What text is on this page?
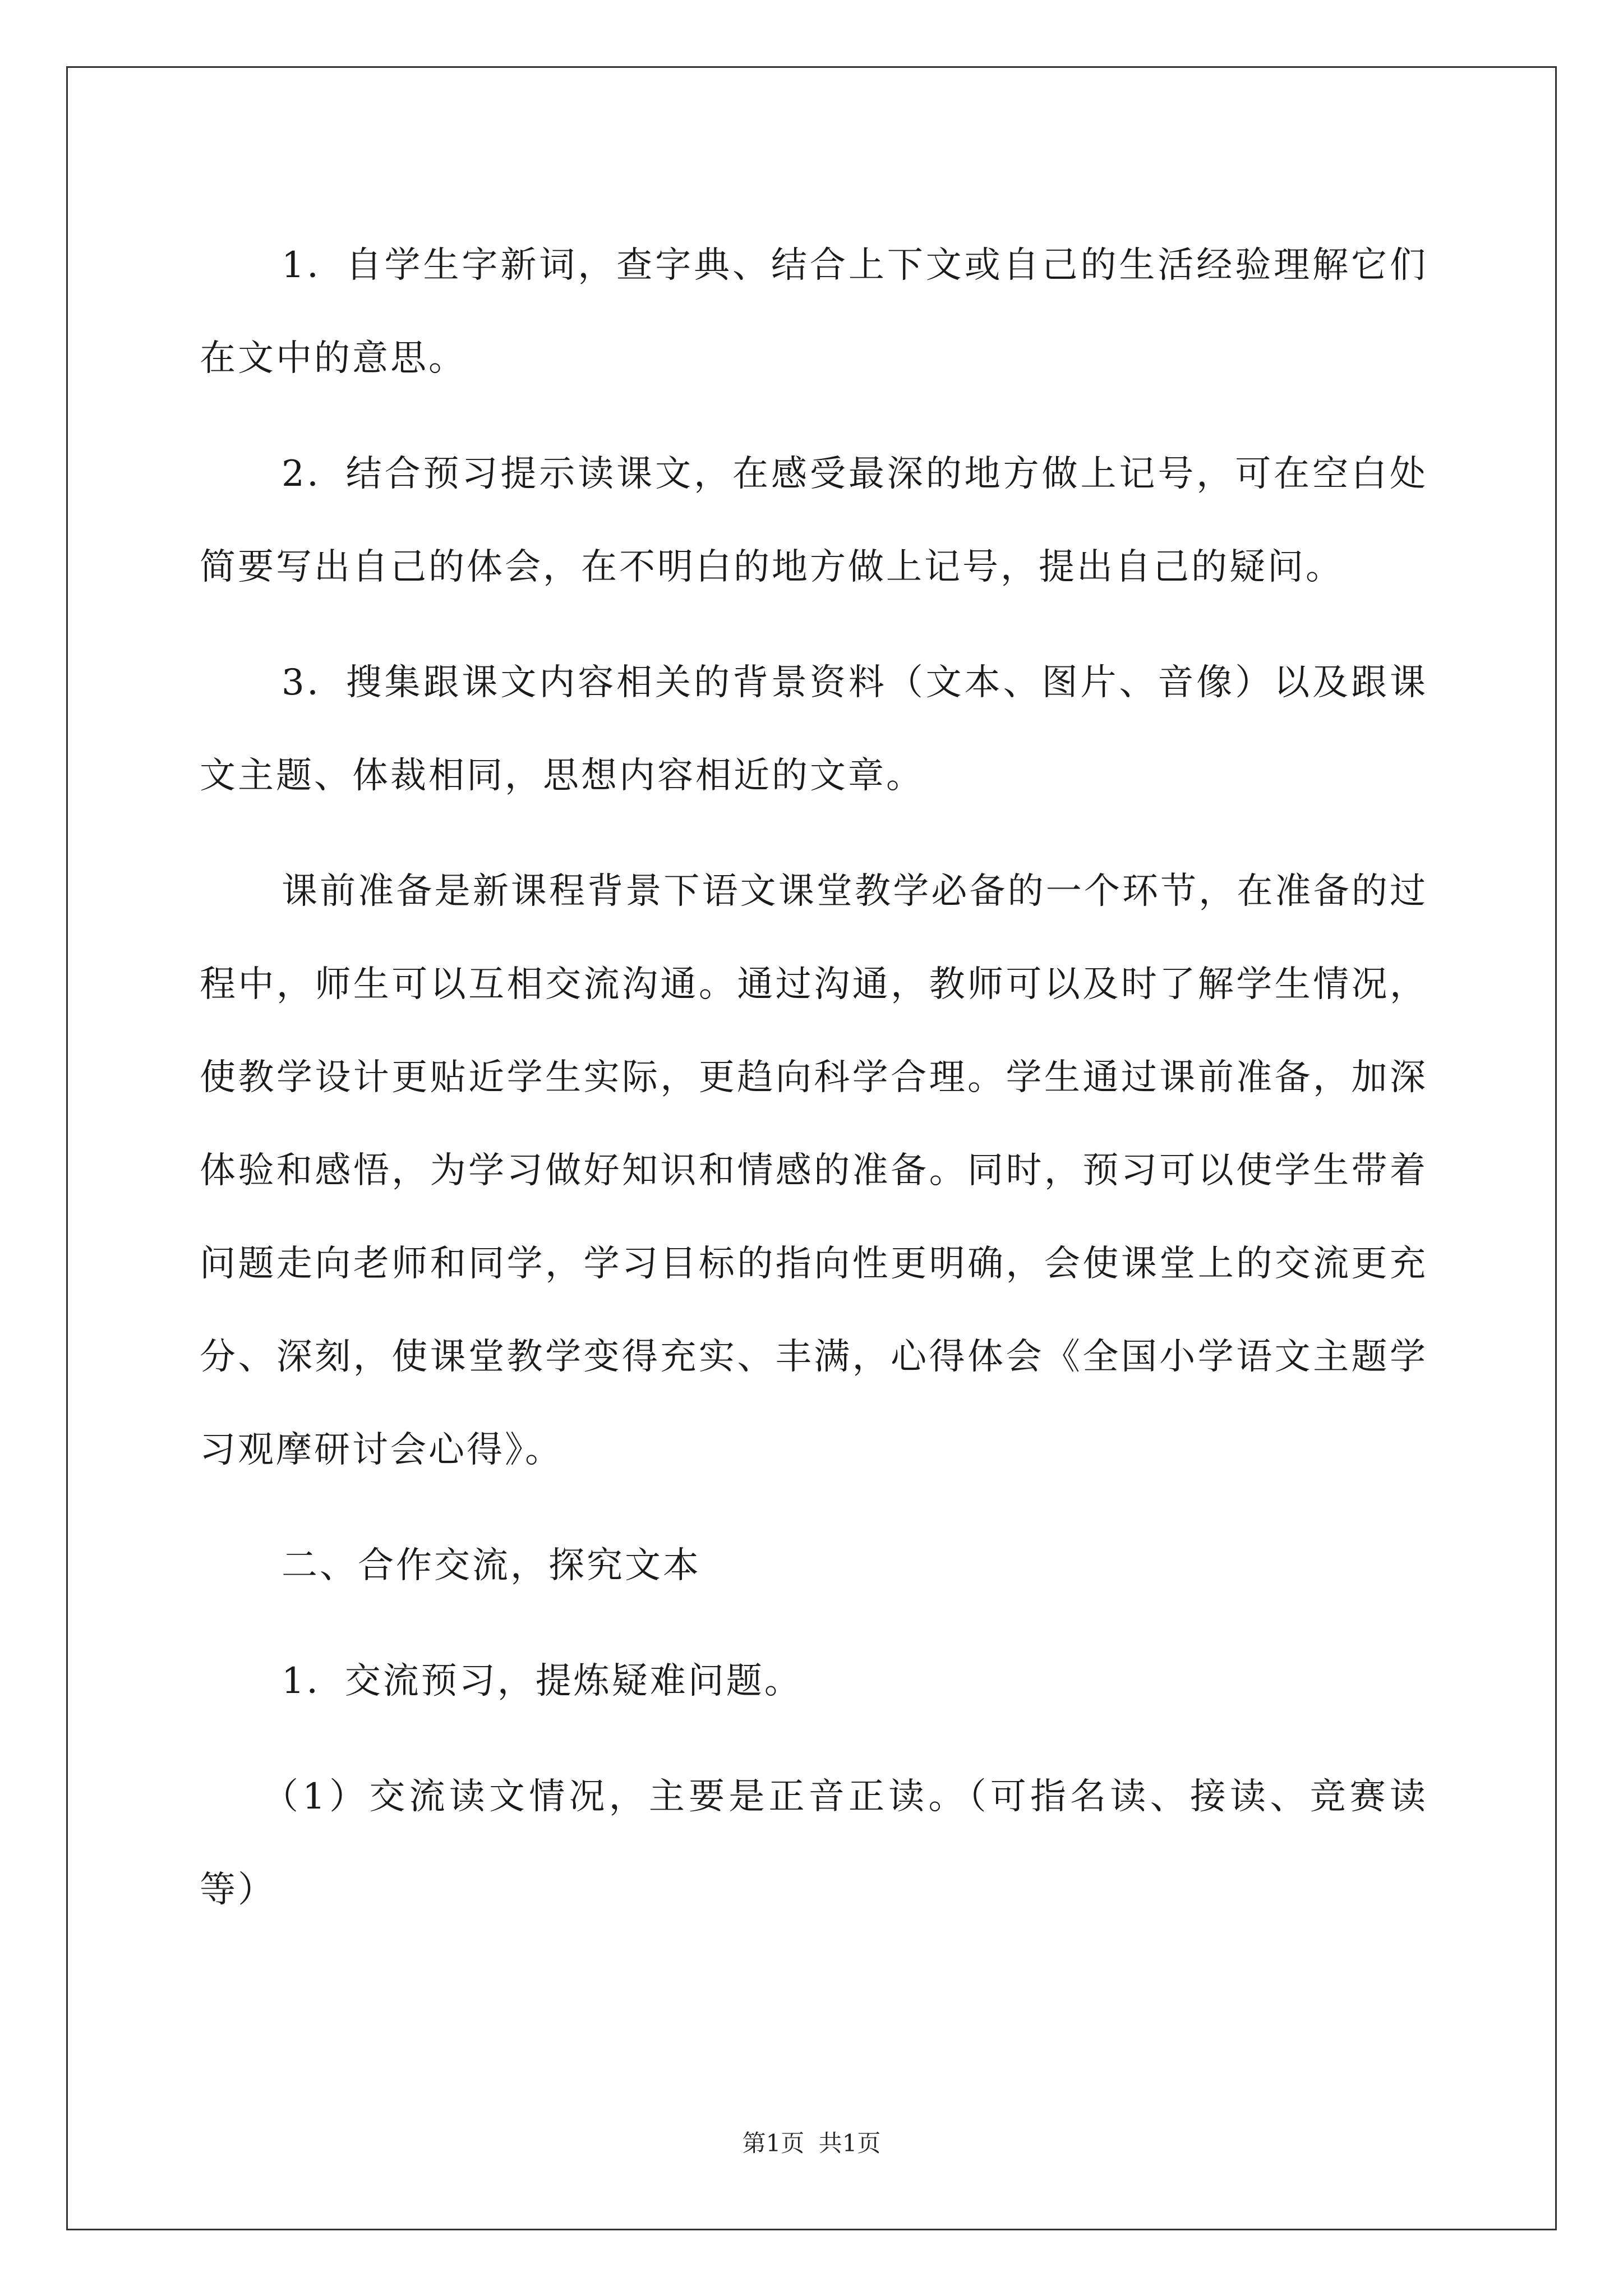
1．自学生字新词，查字典、结合上下文或自己的生活经验理解它们在文中的意思。

2．结合预习提示读课文，在感受最深的地方做上记号，可在空白处简要写出自己的体会，在不明白的地方做上记号，提出自己的疑问。

3．搜集跟课文内容相关的背景资料（文本、图片、音像）以及跟课文主题、体裁相同，思想内容相近的文章。

课前准备是新课程背景下语文课堂教学必备的一个环节，在准备的过程中，师生可以互相交流沟通。通过沟通，教师可以及时了解学生情况，使教学设计更贴近学生实际，更趋向科学合理。学生通过课前准备，加深体验和感悟，为学习做好知识和情感的准备。同时，预习可以使学生带着问题走向老师和同学，学习目标的指向性更明确，会使课堂上的交流更充分、深刻，使课堂教学变得充实、丰满，心得体会《全国小学语文主题学习观摩研讨会心得》。

二、合作交流，探究文本

1．交流预习，提炼疑难问题。

（1）交流读文情况，主要是正音正读。（可指名读、接读、竞赛读等）

第1页 共1页
